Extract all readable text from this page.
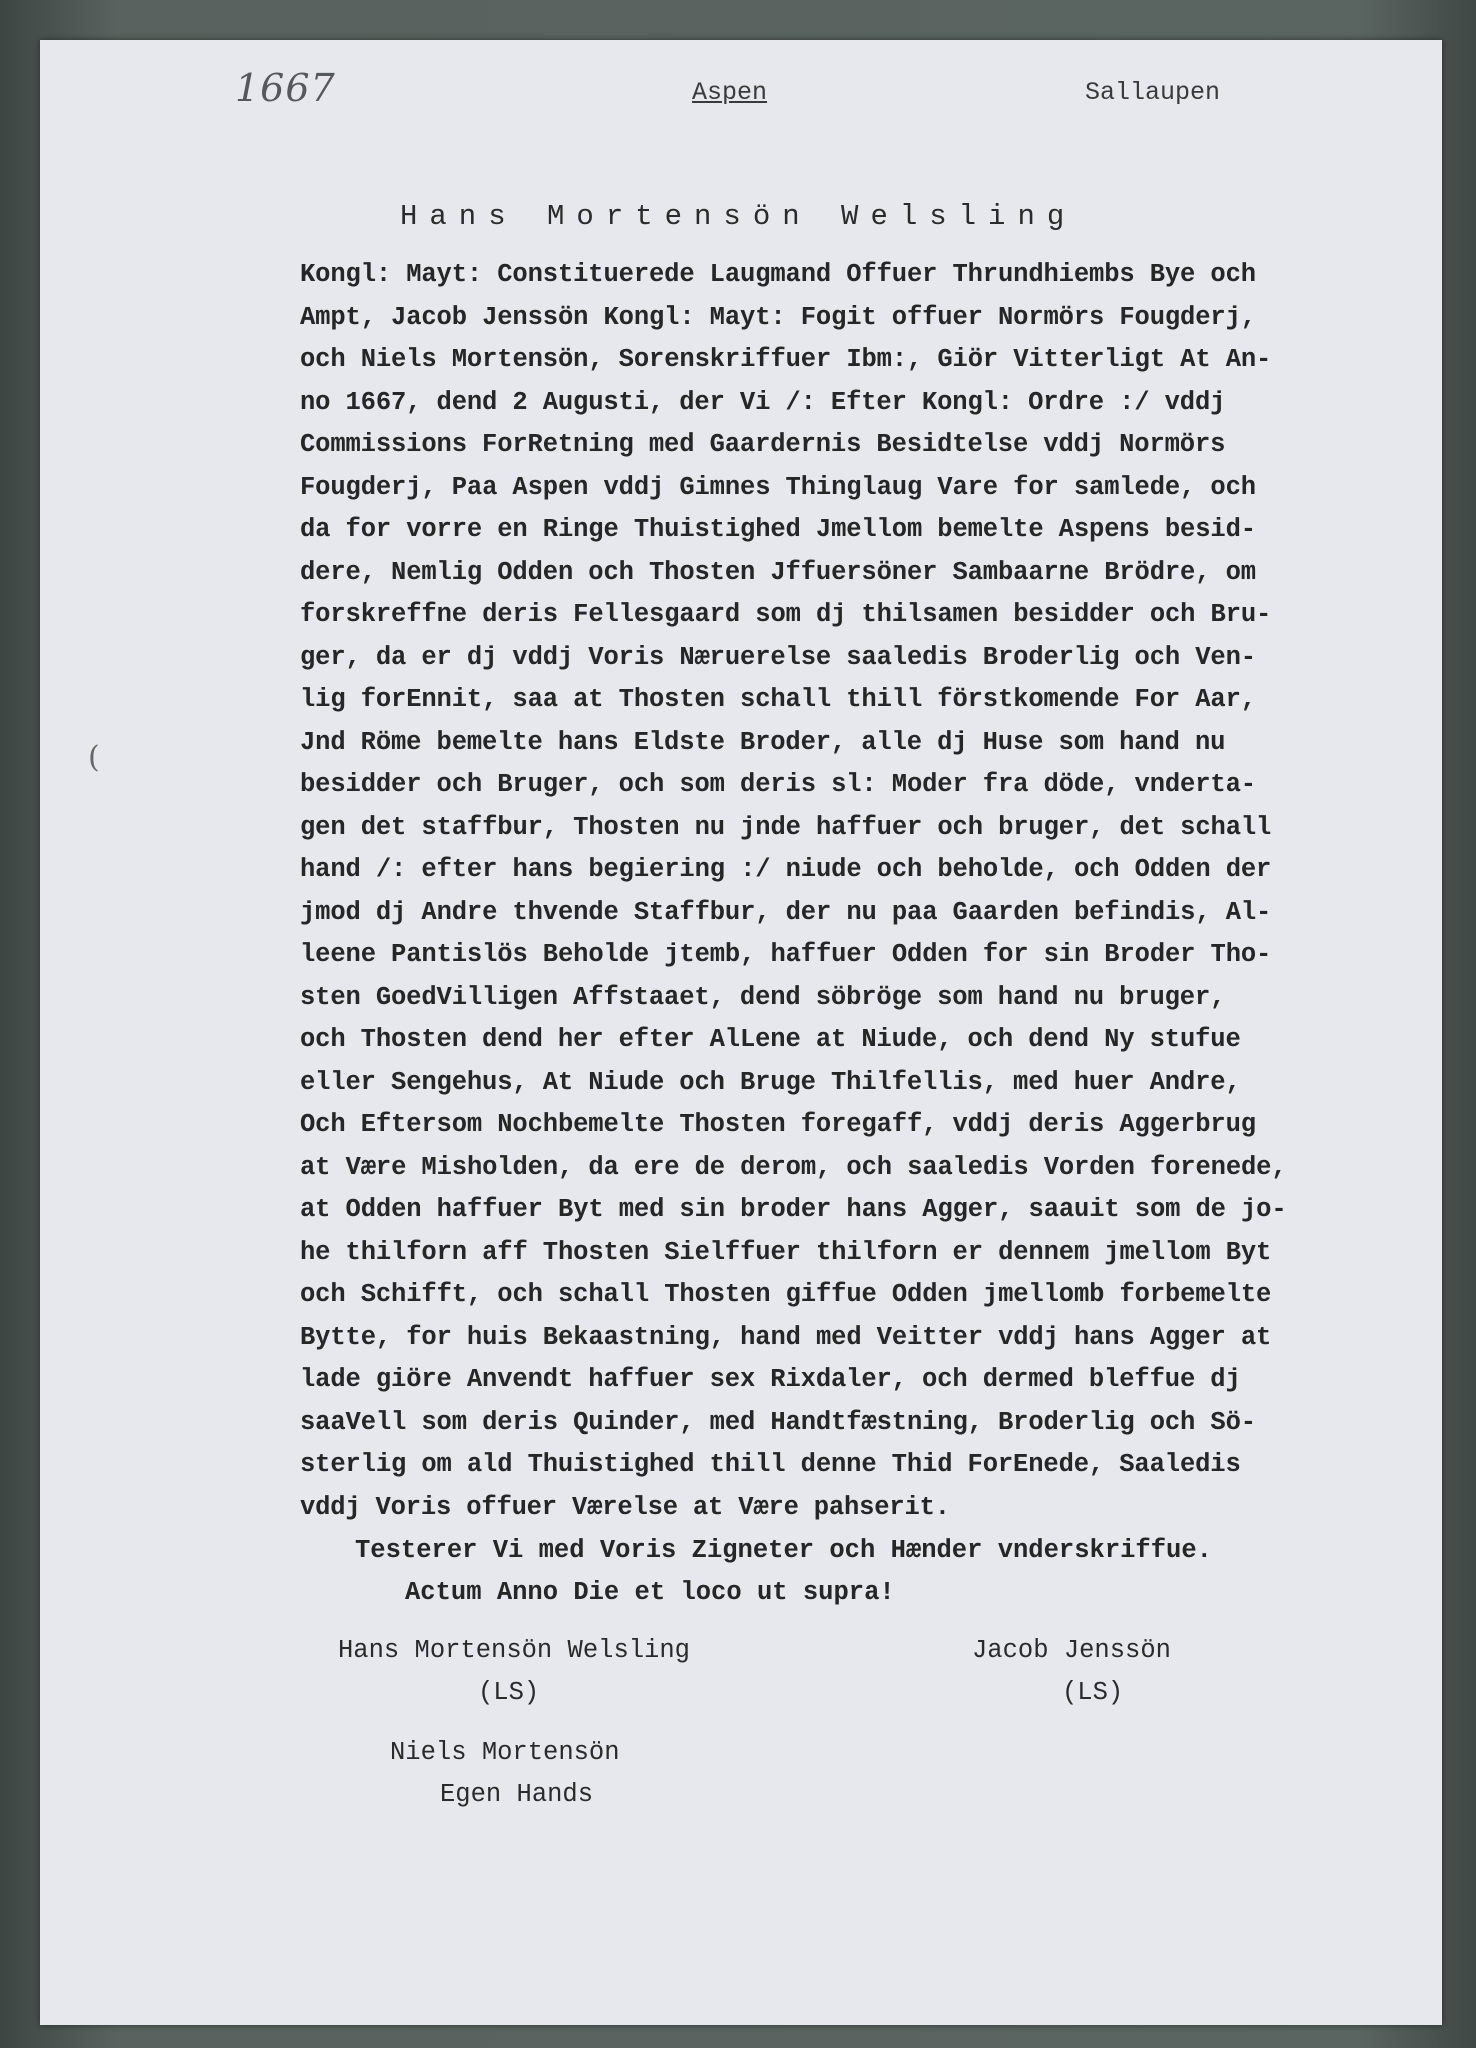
(
1667	Aspen	Sallaupen
Hans Mortensön Welsling
Kongl: Mayt: Constituerede Laugmand Offuer Thrundhiembs Bye och
Ampt, Jacob Jenssön Kongl: Mayt: Fogit offuer Normörs Fougderj,
och Niels Mortensön, Sorenskriffuer Ibm:, Giör Vitterligt At An-
no 1667, dend 2 Augusti, der Vi /: Efter Kongl: Ordre :/ vddj
Commissions ForRetning med Gaardernis Besidtelse vddj Normörs
Fougderj, Paa Aspen vddj Gimnes Thinglaug Vare for samlede, och
da for vorre en Ringe Thuistighed Jmellom bemelte Aspens besid-
dere, Nemlig Odden och Thosten Jffuersöner Sambaarne Brödre, om
forskreffne deris Fellesgaard som dj thilsamen besidder och Bru-
ger, da er dj vddj Voris Næruerelse saaledis Broderlig och Ven-
lig forEnnit, saa at Thosten schall thill förstkomende For Aar,
Jnd Röme bemelte hans Eldste Broder, alle dj Huse som hand nu
besidder och Bruger, och som deris sl: Moder fra döde, vnderta-
gen det staffbur, Thosten nu jnde haffuer och bruger, det schall
hand /: efter hans begiering :/ niude och beholde, och Odden der
jmod dj Andre thvende Staffbur, der nu paa Gaarden befindis, Al-
leene Pantislös Beholde jtemb, haffuer Odden for sin Broder Tho-
sten GoedVilligen Affstaaet, dend söbröge som hand nu bruger,
och Thosten dend her efter AlLene at Niude, och dend Ny stufue
eller Sengehus, At Niude och Bruge Thilfellis, med huer Andre,
Och Eftersom Nochbemelte Thosten foregaff, vddj deris Aggerbrug
at Være Misholden, da ere de derom, och saaledis Vorden forenede,
at Odden haffuer Byt med sin broder hans Agger, saauit som de jo-
he thilforn aff Thosten Sielffuer thilforn er dennem jmellom Byt
och Schifft, och schall Thosten giffue Odden jmellomb forbemelte
Bytte, for huis Bekaastning, hand med Veitter vddj hans Agger at
lade giöre Anvendt haffuer sex Rixdaler, och dermed bleffue dj
saaVell som deris Quinder, med Handtfæstning, Broderlig och Sö-
sterlig om ald Thuistighed thill denne Thid ForEnede, Saaledis
vddj Voris offuer Værelse at Være pahserit.
Testerer Vi med Voris Zigneter och Hænder vnderskriffue.
Actum Anno Die et loco ut supra!
Hans Mortensön Welsling
(LS)
Jacob Jenssön
(LS)
Niels Mortensön
Egen Hands
